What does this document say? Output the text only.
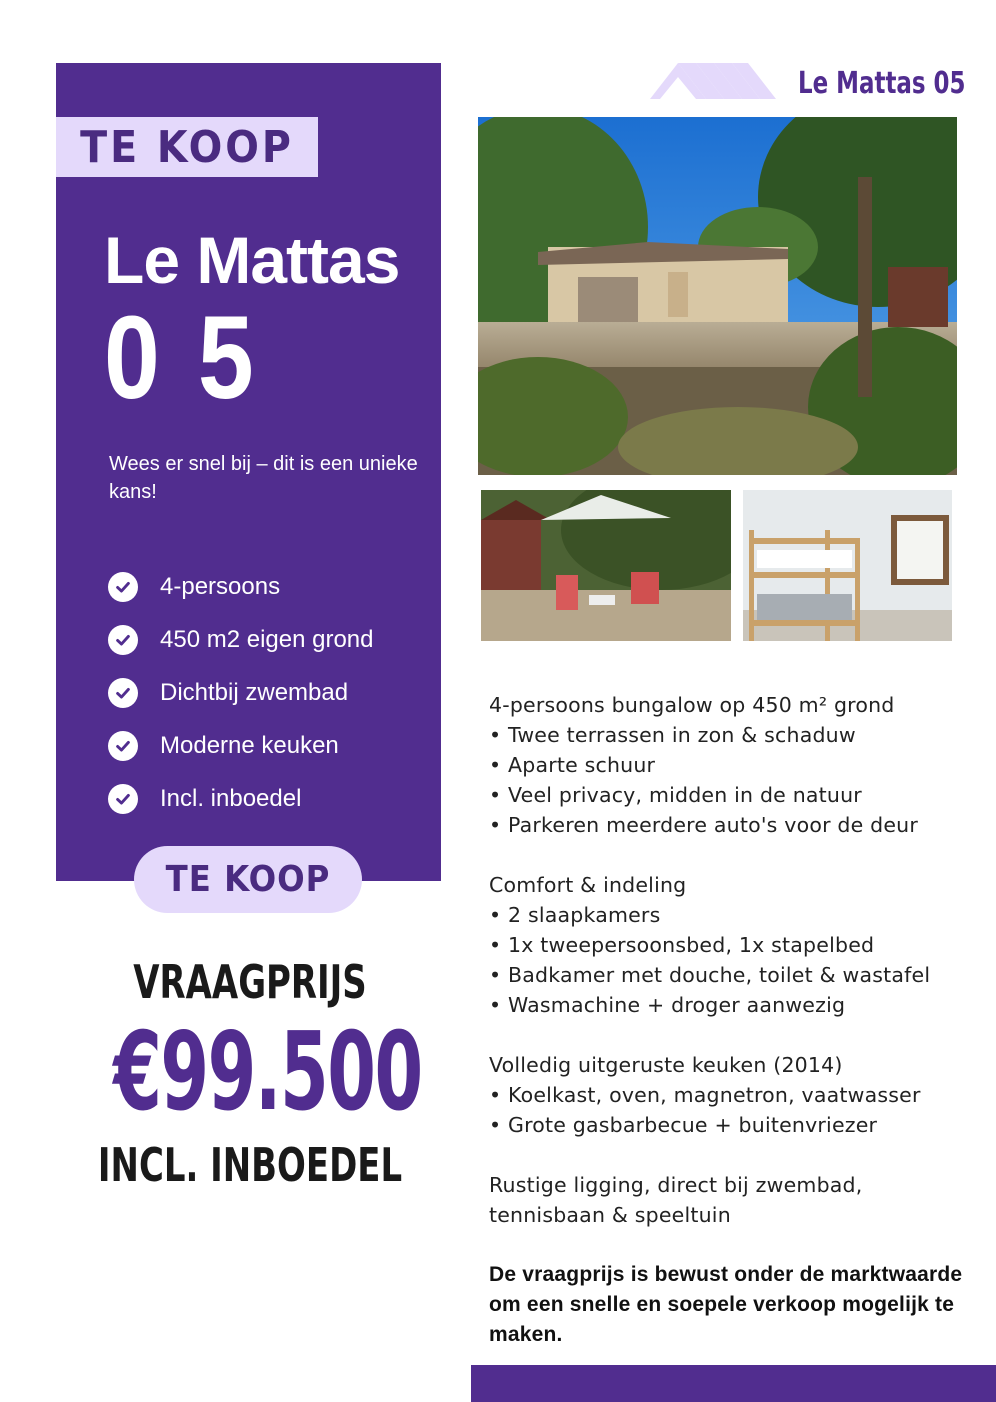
TE KOOP
Le Mattas
0 5
Wees er snel bij – dit is een unieke kans!
4-persoons
450 m2 eigen grond
Dichtbij zwembad
Moderne keuken
Incl. inboedel
TE KOOP
VRAAGPRIJS
€99.500
INCL. INBOEDEL
Le Mattas 05
4-persoons bungalow op 450 m² grond
• Twee terrassen in zon & schaduw
• Aparte schuur
• Veel privacy, midden in de natuur
• Parkeren meerdere auto's voor de deur
Comfort & indeling
• 2 slaapkamers
• 1x tweepersoonsbed, 1x stapelbed
• Badkamer met douche, toilet & wastafel
• Wasmachine + droger aanwezig
Volledig uitgeruste keuken (2014)
• Koelkast, oven, magnetron, vaatwasser
• Grote gasbarbecue + buitenvriezer
Rustige ligging, direct bij zwembad, tennisbaan & speeltuin
De vraagprijs is bewust onder de marktwaarde om een snelle en soepele verkoop mogelijk te maken.
